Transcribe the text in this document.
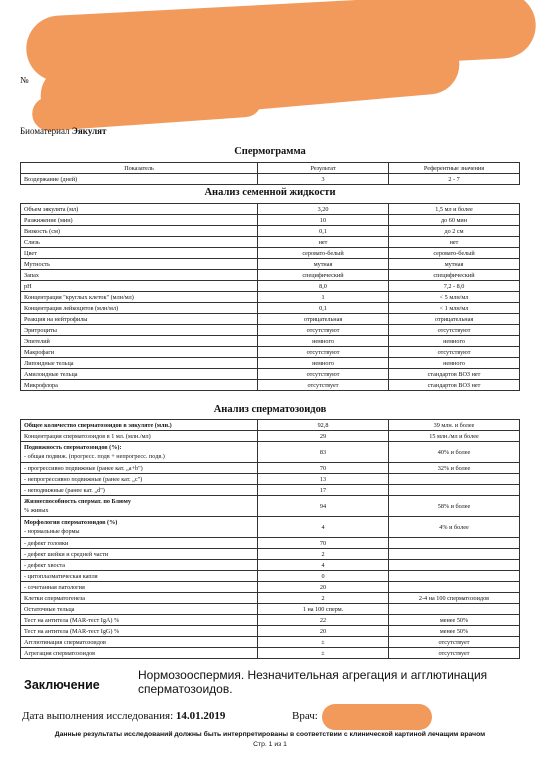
№
Биоматериал Эякулят
Спермограмма
Показатель	Результат	Референтные значения
Воздержание (дней)	3	2 - 7
Анализ семенной жидкости
Объем эякулята (мл)	3,20	1,5 мл и более

Разжижение (мин)	10	до 60 мин

Вязкость (см)	0,1	до 2 см

Слизь	нет	нет

Цвет	серовато-белый	серовато-белый

Мутность	мутная	мутная

Запах	специфический	специфический

pH	8,0	7,2 - 8,0

Концентрация "круглых клеток" (млн/мл)	1	< 5 млн/мл

Концентрация лейкоцитов (млн/мл)	0,1	< 1 млн/мл

Реакция на нейтрофилы	отрицательная	отрицательная

Эритроциты	отсутствуют	отсутствуют

Эпителий	немного	немного

Макрофаги	отсутствуют	отсутствуют

Липоидные тельца	немного	немного

Амилоидные тельца	отсутствуют	стандартов ВОЗ нет

Микрофлора	отсутствует	стандартов ВОЗ нет
Анализ сперматозоидов
Общее количество сперматозоидов в эякуляте (млн.)	92,8	39 млн. и более

Концентрация сперматозоидов в 1 мл. (млн./мл)	29	15 млн./мл и более

Подвижность сперматозоидов (%):
- общая подвиж. (прогресс. подв + непрогресс. подв.)	83	40% и более

- прогрессивно подвижные (ранее кат. „a+b")	70	32% и более

- непрогрессивно подвижные (ранее кат. „c")	13	

- неподвижные (ранее кат. „d")	17	

Жизнеспособность спермат. по Блюму
% живых	94	58% и более

Морфология сперматозоидов (%)
- нормальные формы	4	4% и более

- дефект головки	70	

- дефект шейки и средней части	2	

- дефект хвоста	4	

- цитоплазматическая капля	0	

- сочетанная патология	20	

Клетки сперматогенеза	2	2-4 на 100 сперматозоидов

Остаточные тельца	1 на 100 сперм.	

Тест на антитела (MAR-тест IgA) %	22	менее 50%

Тест на антитела (MAR-тест IgG) %	20	менее 50%

Агглютинация сперматозоидов	±	отсутствует

Агрегация сперматозоидов	±	отсутствует
Заключение
Нормозооспермия. Незначительная агрегация и агглютинация сперматозоидов.
Дата выполнения исследования: 14.01.2019	Врач:
Данные результаты исследований должны быть интерпретированы в соответствии с клинической картиной лечащим врачом
Стр. 1 из 1
